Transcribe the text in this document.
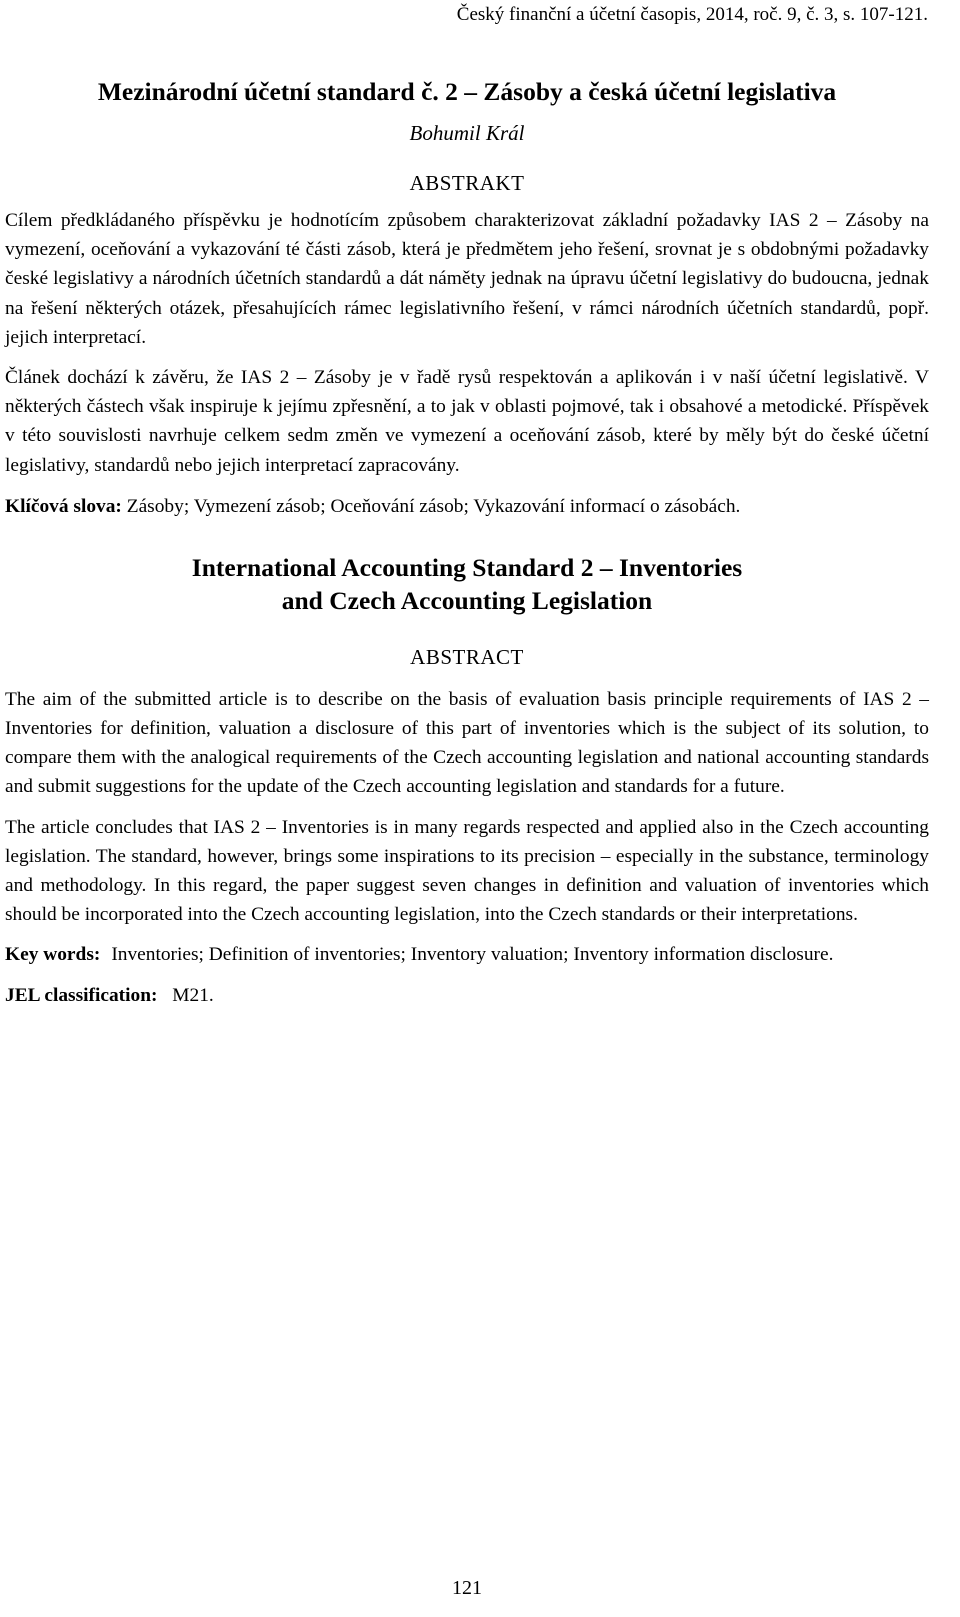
Český finanční a účetní časopis, 2014, roč. 9, č. 3, s. 107-121.
Mezinárodní účetní standard č. 2 – Zásoby a česká účetní legislativa
Bohumil Král
ABSTRAKT

Cílem předkládaného příspěvku je hodnotícím způsobem charakterizovat základní požadavky IAS 2 – Zásoby na vymezení, oceňování a vykazování té části zásob, která je předmětem jeho řešení, srovnat je s obdobnými požadavky české legislativy a národních účetních standardů a dát náměty jednak na úpravu účetní legislativy do budoucna, jednak na řešení některých otázek, přesahujících rámec legislativního řešení, v rámci národních účetních standardů, popř. jejich interpretací.

Článek dochází k závěru, že IAS 2 – Zásoby je v řadě rysů respektován a aplikován i v naší účetní legislativě. V některých částech však inspiruje k jejímu zpřesnění, a to jak v oblasti pojmové, tak i obsahové a metodické. Příspěvek v této souvislosti navrhuje celkem sedm změn ve vymezení a oceňování zásob, které by měly být do české účetní legislativy, standardů nebo jejich interpretací zapracovány.

Klíčová slova: Zásoby; Vymezení zásob; Oceňování zásob; Vykazování informací o zásobách.
International Accounting Standard 2 – Inventories
and Czech Accounting Legislation
ABSTRACT

The aim of the submitted article is to describe on the basis of evaluation basis principle requirements of IAS 2 – Inventories for definition, valuation a disclosure of this part of inventories which is the subject of its solution, to compare them with the analogical requirements of the Czech accounting legislation and national accounting standards and submit suggestions for the update of the Czech accounting legislation and standards for a future.

The article concludes that IAS 2 – Inventories is in many regards respected and applied also in the Czech accounting legislation. The standard, however, brings some inspirations to its precision – especially in the substance, terminology and methodology. In this regard, the paper suggest seven changes in definition and valuation of inventories which should be incorporated into the Czech accounting legislation, into the Czech standards or their interpretations.

Key words: Inventories; Definition of inventories; Inventory valuation; Inventory information disclosure.
JEL classification: M21.
121
